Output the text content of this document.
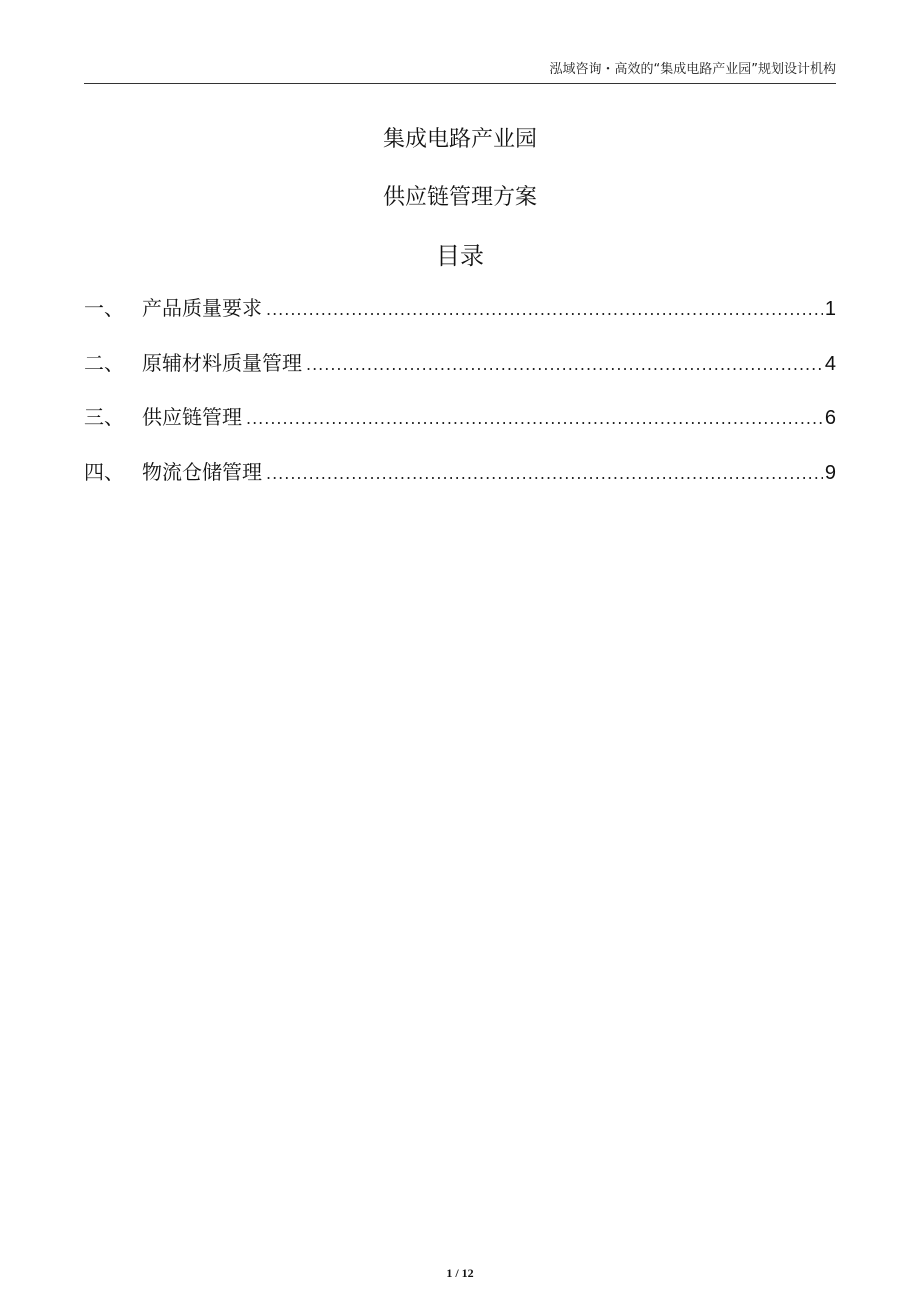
泓域咨询・高效的“集成电路产业园”规划设计机构
集成电路产业园
供应链管理方案
目录
一、 产品质量要求 .....	1
二、 原辅材料质量管理 .....	4
三、 供应链管理 .....	6
四、 物流仓储管理 .....	9
1 / 12
